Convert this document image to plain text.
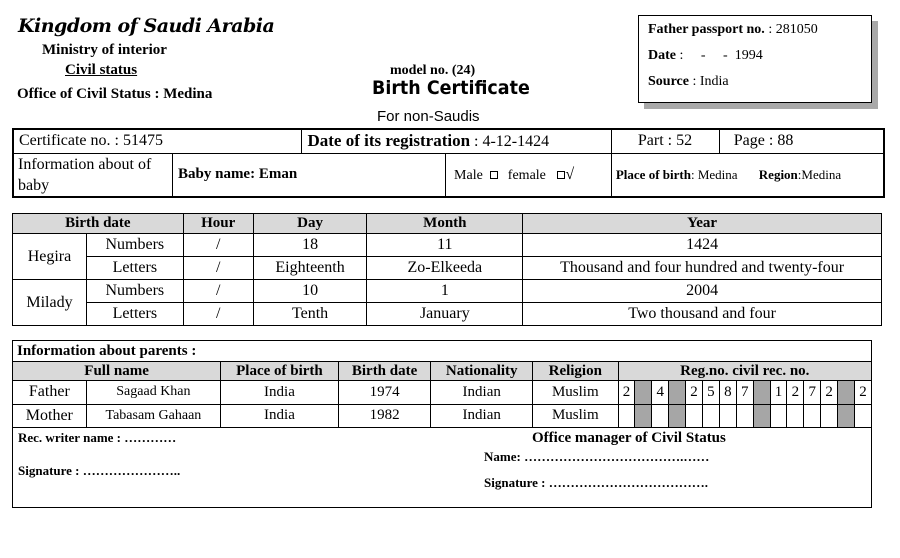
Kingdom of Saudi Arabia
Ministry of interior
Civil status
Office of Civil Status : Medina
model no. (24)
Birth Certificate
For non-Saudis
Father passport no. : 281050
Date :     -     -  1994
Source : India
Certificate no. : 51475		Date of its registration : 4-12-1424		Part : 52	Page : 88
Information about of baby	Baby name: Eman		Male female √	Place of birth: Medina Region:Medina	
Birth date		Hour	Day	Month	Year
Hegira	Numbers	/	18	11	1424
	Letters	/	Eighteenth	Zo-Elkeeda	Thousand and four hundred and twenty-four
Milady	Numbers	/	10	1	2004
	Letters	/	Tenth	January	Two thousand and four
Information about parents :
Full name		Place of birth	Birth date	Nationality	Religion	Reg.no. civil rec. no.														
Father	Sagaad Khan	India	1974	Indian	Muslim	2		4		2	5	8	7		1	2	7	2		2
Mother	Tabasam Gahaan	India	1982	Indian	Muslim															
Rec. writer name : …………
Signature : …………………..
Office manager of Civil Status
Name: ……………………………….……
Signature : ……………………………….
